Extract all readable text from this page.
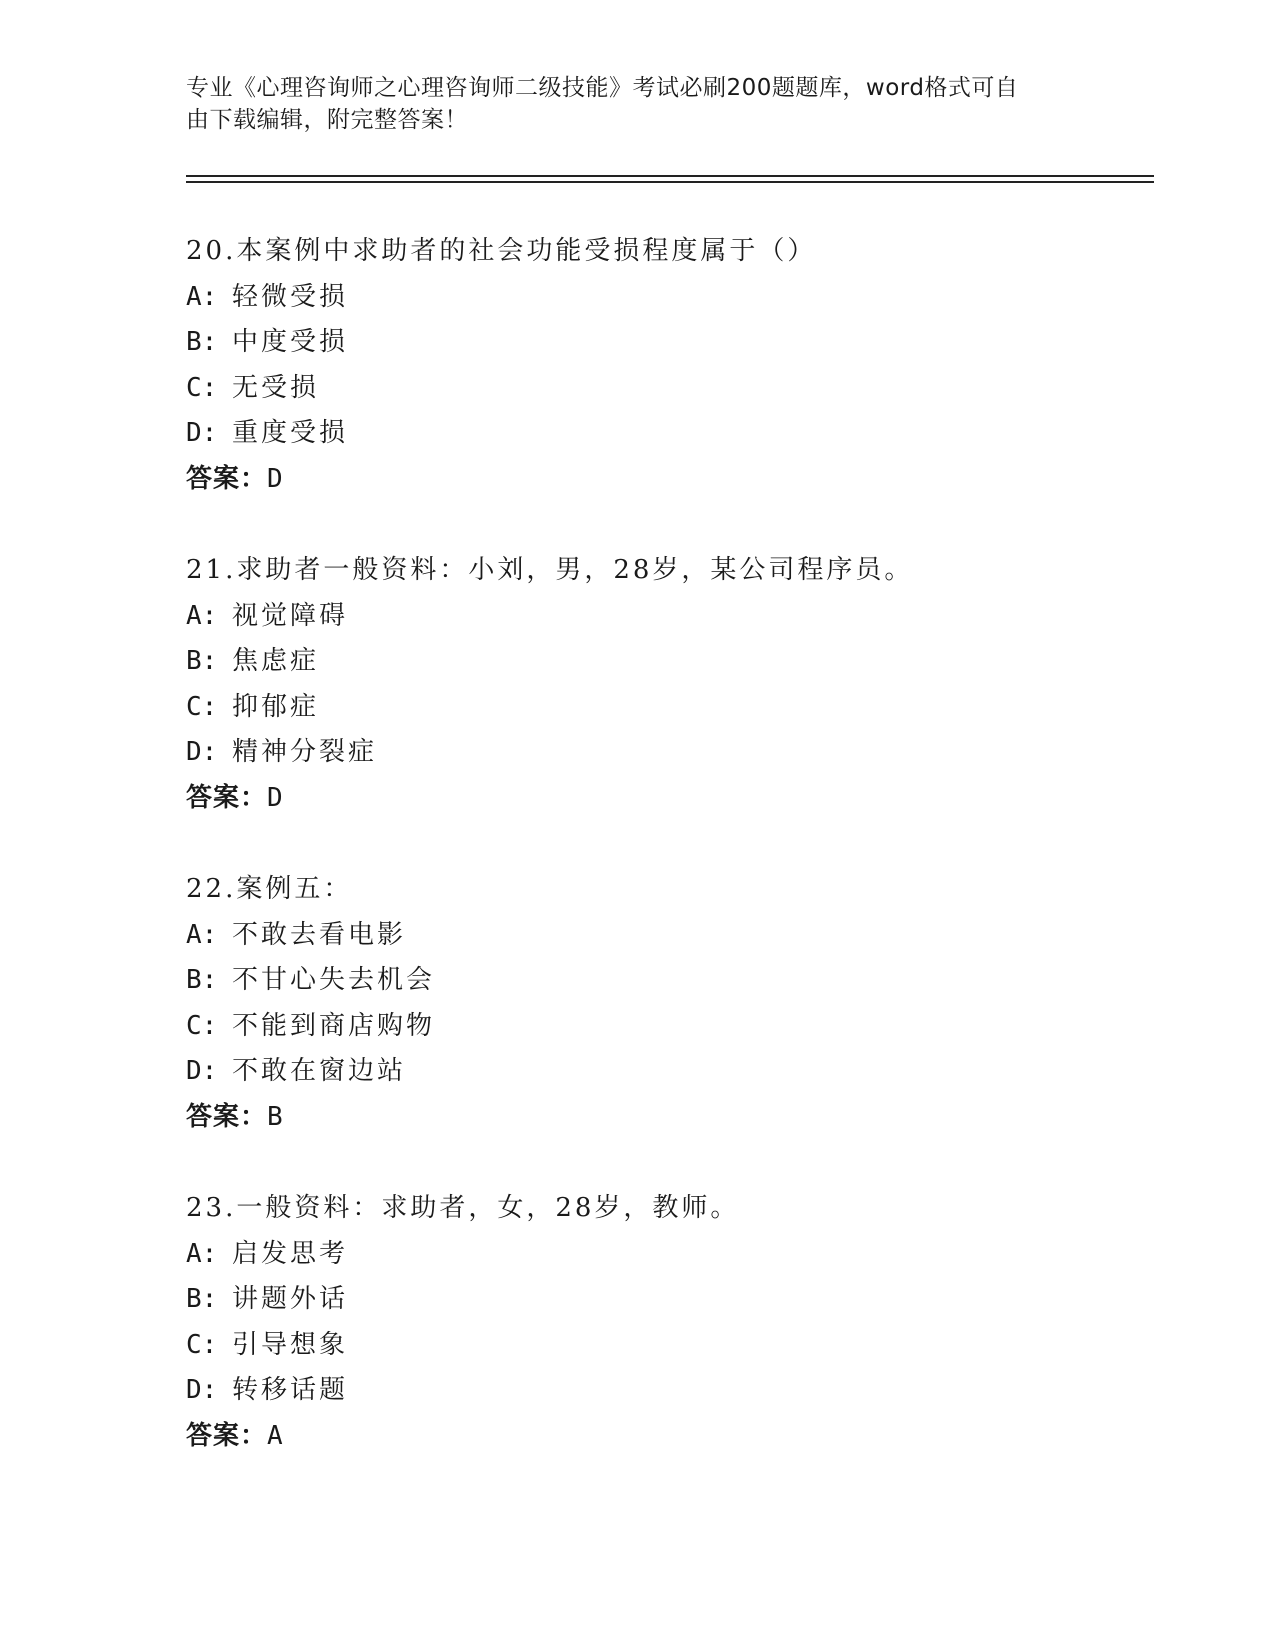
专业《心理咨询师之心理咨询师二级技能》考试必刷200题题库，word格式可自
由下载编辑，附完整答案！
20.本案例中求助者的社会功能受损程度属于（）
A: 轻微受损
B: 中度受损
C: 无受损
D: 重度受损
答案：D
21.求助者一般资料：小刘，男，28岁，某公司程序员。
A: 视觉障碍
B: 焦虑症
C: 抑郁症
D: 精神分裂症
答案：D
22.案例五：
A: 不敢去看电影
B: 不甘心失去机会
C: 不能到商店购物
D: 不敢在窗边站
答案：B
23.一般资料：求助者，女，28岁，教师。
A: 启发思考
B: 讲题外话
C: 引导想象
D: 转移话题
答案：A
